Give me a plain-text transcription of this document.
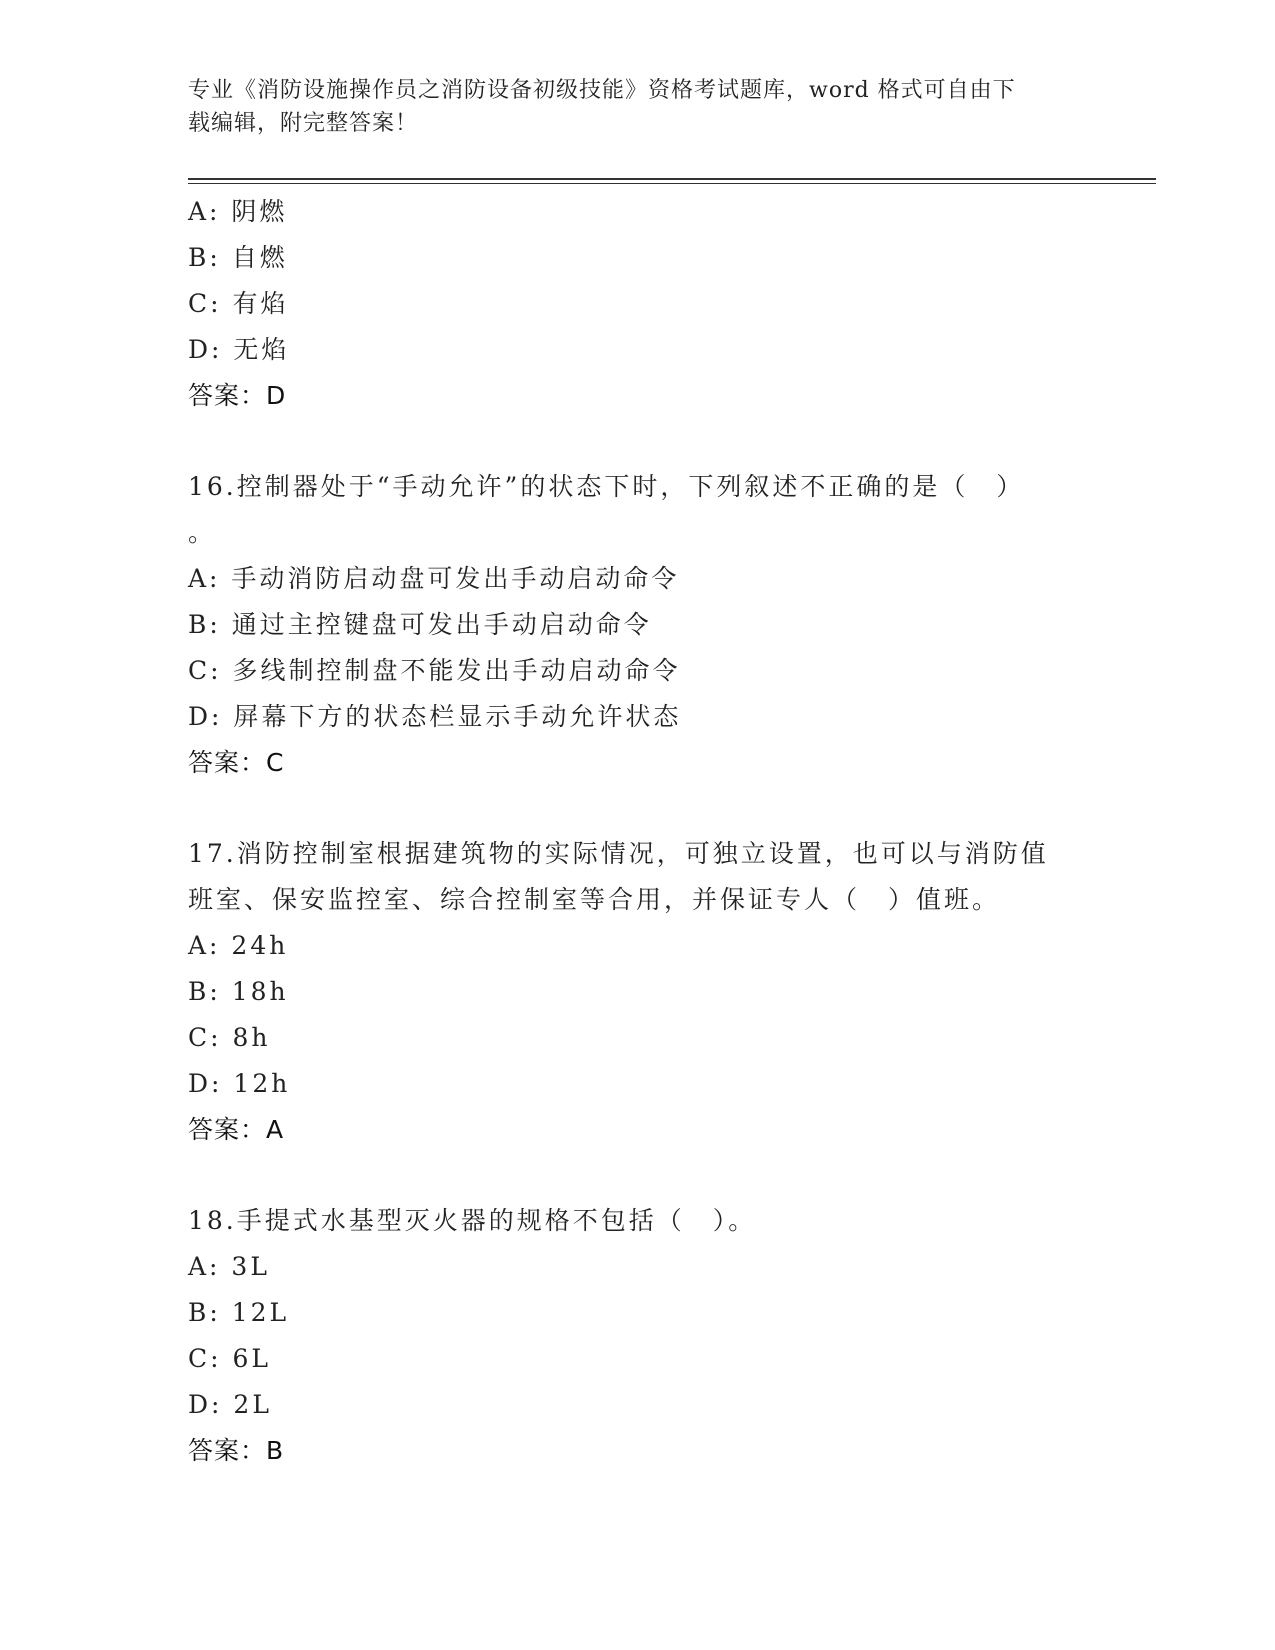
专业《消防设施操作员之消防设备初级技能》资格考试题库，word 格式可自由下
载编辑，附完整答案！
A: 阴燃
B: 自燃
C: 有焰
D: 无焰
答案：D
16.控制器处于“手动允许”的状态下时，下列叙述不正确的是（　）
。
A: 手动消防启动盘可发出手动启动命令
B: 通过主控键盘可发出手动启动命令
C: 多线制控制盘不能发出手动启动命令
D: 屏幕下方的状态栏显示手动允许状态
答案：C
17.消防控制室根据建筑物的实际情况，可独立设置，也可以与消防值
班室、保安监控室、综合控制室等合用，并保证专人（　）值班。
A: 24h
B: 18h
C: 8h
D: 12h
答案：A
18.手提式水基型灭火器的规格不包括（　）。
A: 3L
B: 12L
C: 6L
D: 2L
答案：B
